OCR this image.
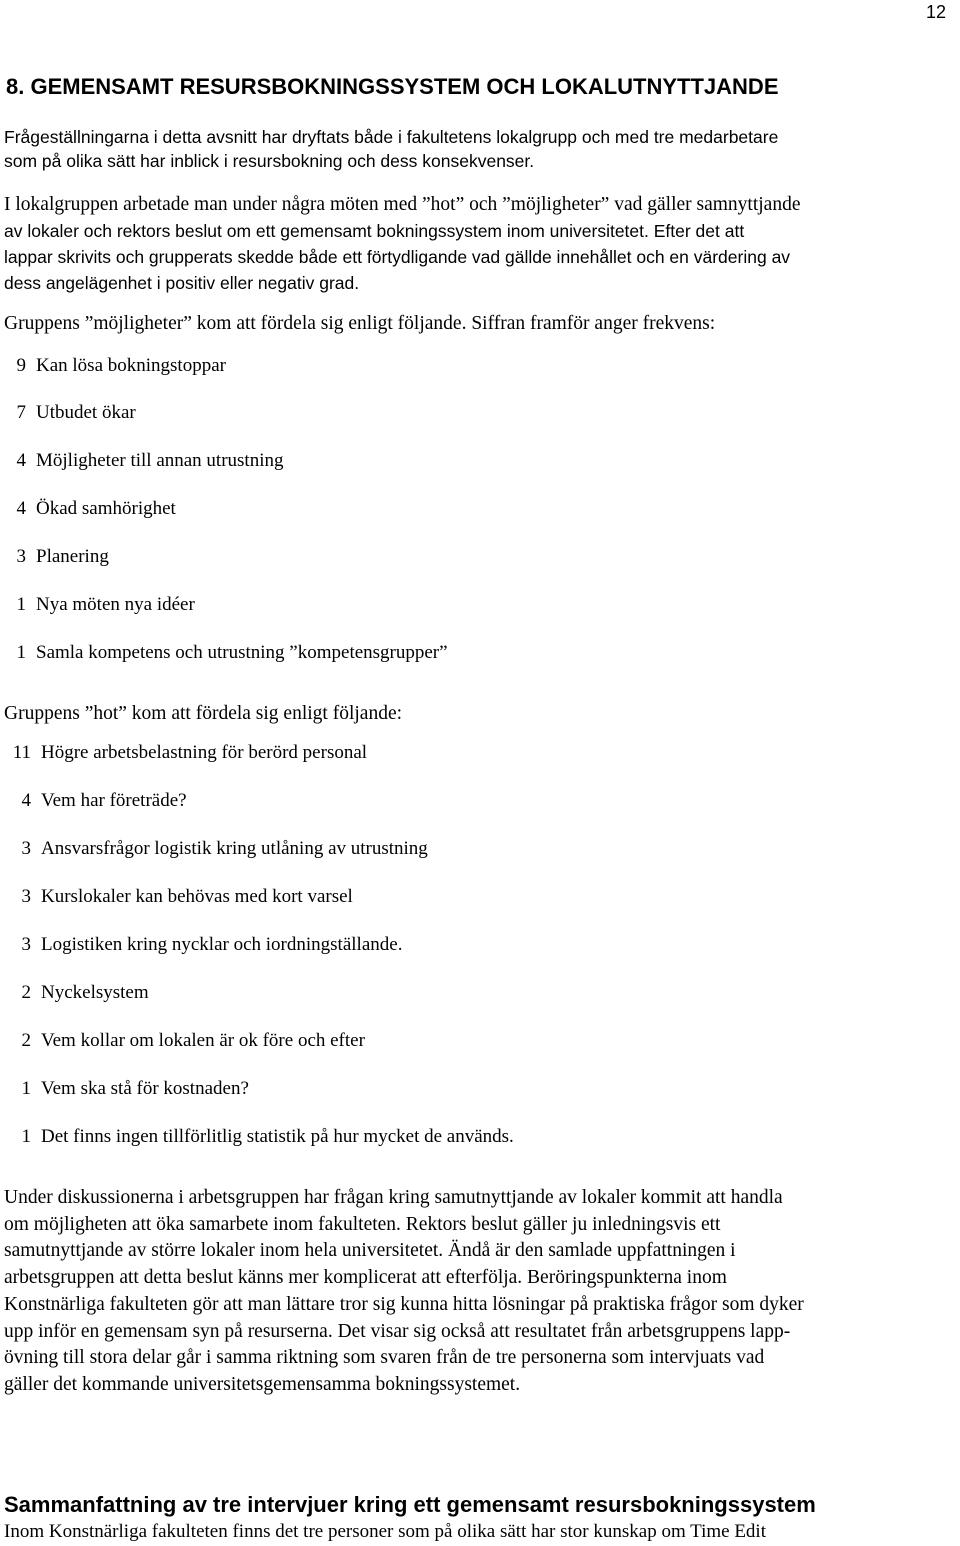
12
8. GEMENSAMT RESURSBOKNINGSSYSTEM OCH LOKALUTNYTTJANDE
Frågeställningarna i detta avsnitt har dryftats både i fakultetens lokalgrupp och med tre medarbetare
som på olika sätt har inblick i resursbokning och dess konsekvenser.
I lokalgruppen arbetade man under några möten med ”hot” och ”möjligheter” vad gäller samnyttjande
av lokaler och rektors beslut om ett gemensamt bokningssystem inom universitetet. Efter det att
lappar skrivits och grupperats skedde både ett förtydligande vad gällde innehållet och en värdering av
dess angelägenhet i positiv eller negativ grad.
Gruppens ”möjligheter” kom att fördela sig enligt följande. Siffran framför anger frekvens:
9 Kan lösa bokningstoppar
7 Utbudet ökar
4 Möjligheter till annan utrustning
4 Ökad samhörighet
3 Planering
1 Nya möten nya idéer
1 Samla kompetens och utrustning ”kompetensgrupper”
Gruppens ”hot” kom att fördela sig enligt följande:
11 Högre arbetsbelastning för berörd personal
4 Vem har företräde?
3 Ansvarsfrågor logistik kring utlåning av utrustning
3 Kurslokaler kan behövas med kort varsel
3 Logistiken kring nycklar och iordningställande.
2 Nyckelsystem
2 Vem kollar om lokalen är ok före och efter
1 Vem ska stå för kostnaden?
1 Det finns ingen tillförlitlig statistik på hur mycket de används.
Under diskussionerna i arbetsgruppen har frågan kring samutnyttjande av lokaler kommit att handla
om möjligheten att öka samarbete inom fakulteten. Rektors beslut gäller ju inledningsvis ett
samutnyttjande av större lokaler inom hela universitetet. Ändå är den samlade uppfattningen i
arbetsgruppen att detta beslut känns mer komplicerat att efterfölja. Beröringspunkterna inom
Konstnärliga fakulteten gör att man lättare tror sig kunna hitta lösningar på praktiska frågor som dyker
upp inför en gemensam syn på resurserna. Det visar sig också att resultatet från arbetsgruppens lapp-
övning till stora delar går i samma riktning som svaren från de tre personerna som intervjuats vad
gäller det kommande universitetsgemensamma bokningssystemet.
Sammanfattning av tre intervjuer kring ett gemensamt resursbokningssystem
Inom Konstnärliga fakulteten finns det tre personer som på olika sätt har stor kunskap om Time Edit
